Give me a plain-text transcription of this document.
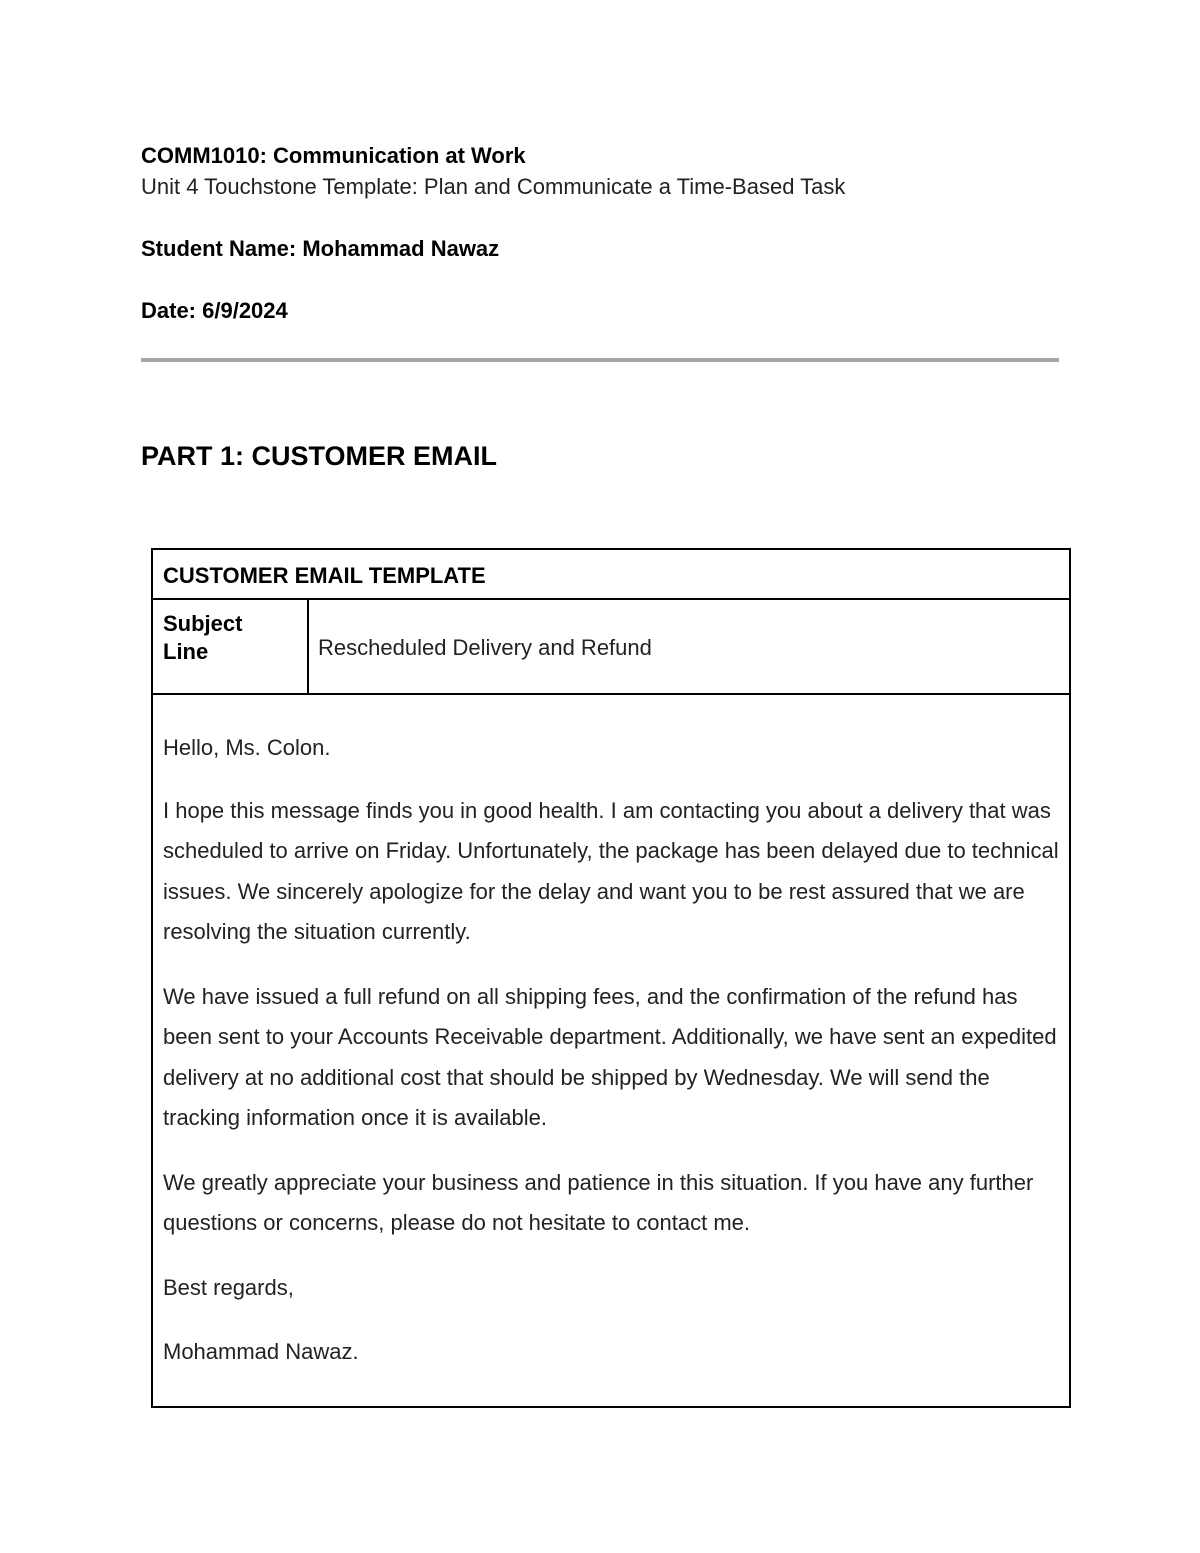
COMM1010: Communication at Work
Unit 4 Touchstone Template: Plan and Communicate a Time-Based Task
Student Name: Mohammad Nawaz
Date: 6/9/2024
PART 1: CUSTOMER EMAIL
CUSTOMER EMAIL TEMPLATE
Subject Line	Rescheduled Delivery and Refund

Hello, Ms. Colon.

I hope this message finds you in good health. I am contacting you about a delivery that was scheduled to arrive on Friday. Unfortunately, the package has been delayed due to technical issues. We sincerely apologize for the delay and want you to be rest assured that we are resolving the situation currently.

We have issued a full refund on all shipping fees, and the confirmation of the refund has been sent to your Accounts Receivable department. Additionally, we have sent an expedited delivery at no additional cost that should be shipped by Wednesday. We will send the tracking information once it is available.

We greatly appreciate your business and patience in this situation. If you have any further questions or concerns, please do not hesitate to contact me.

Best regards,

Mohammad Nawaz.
